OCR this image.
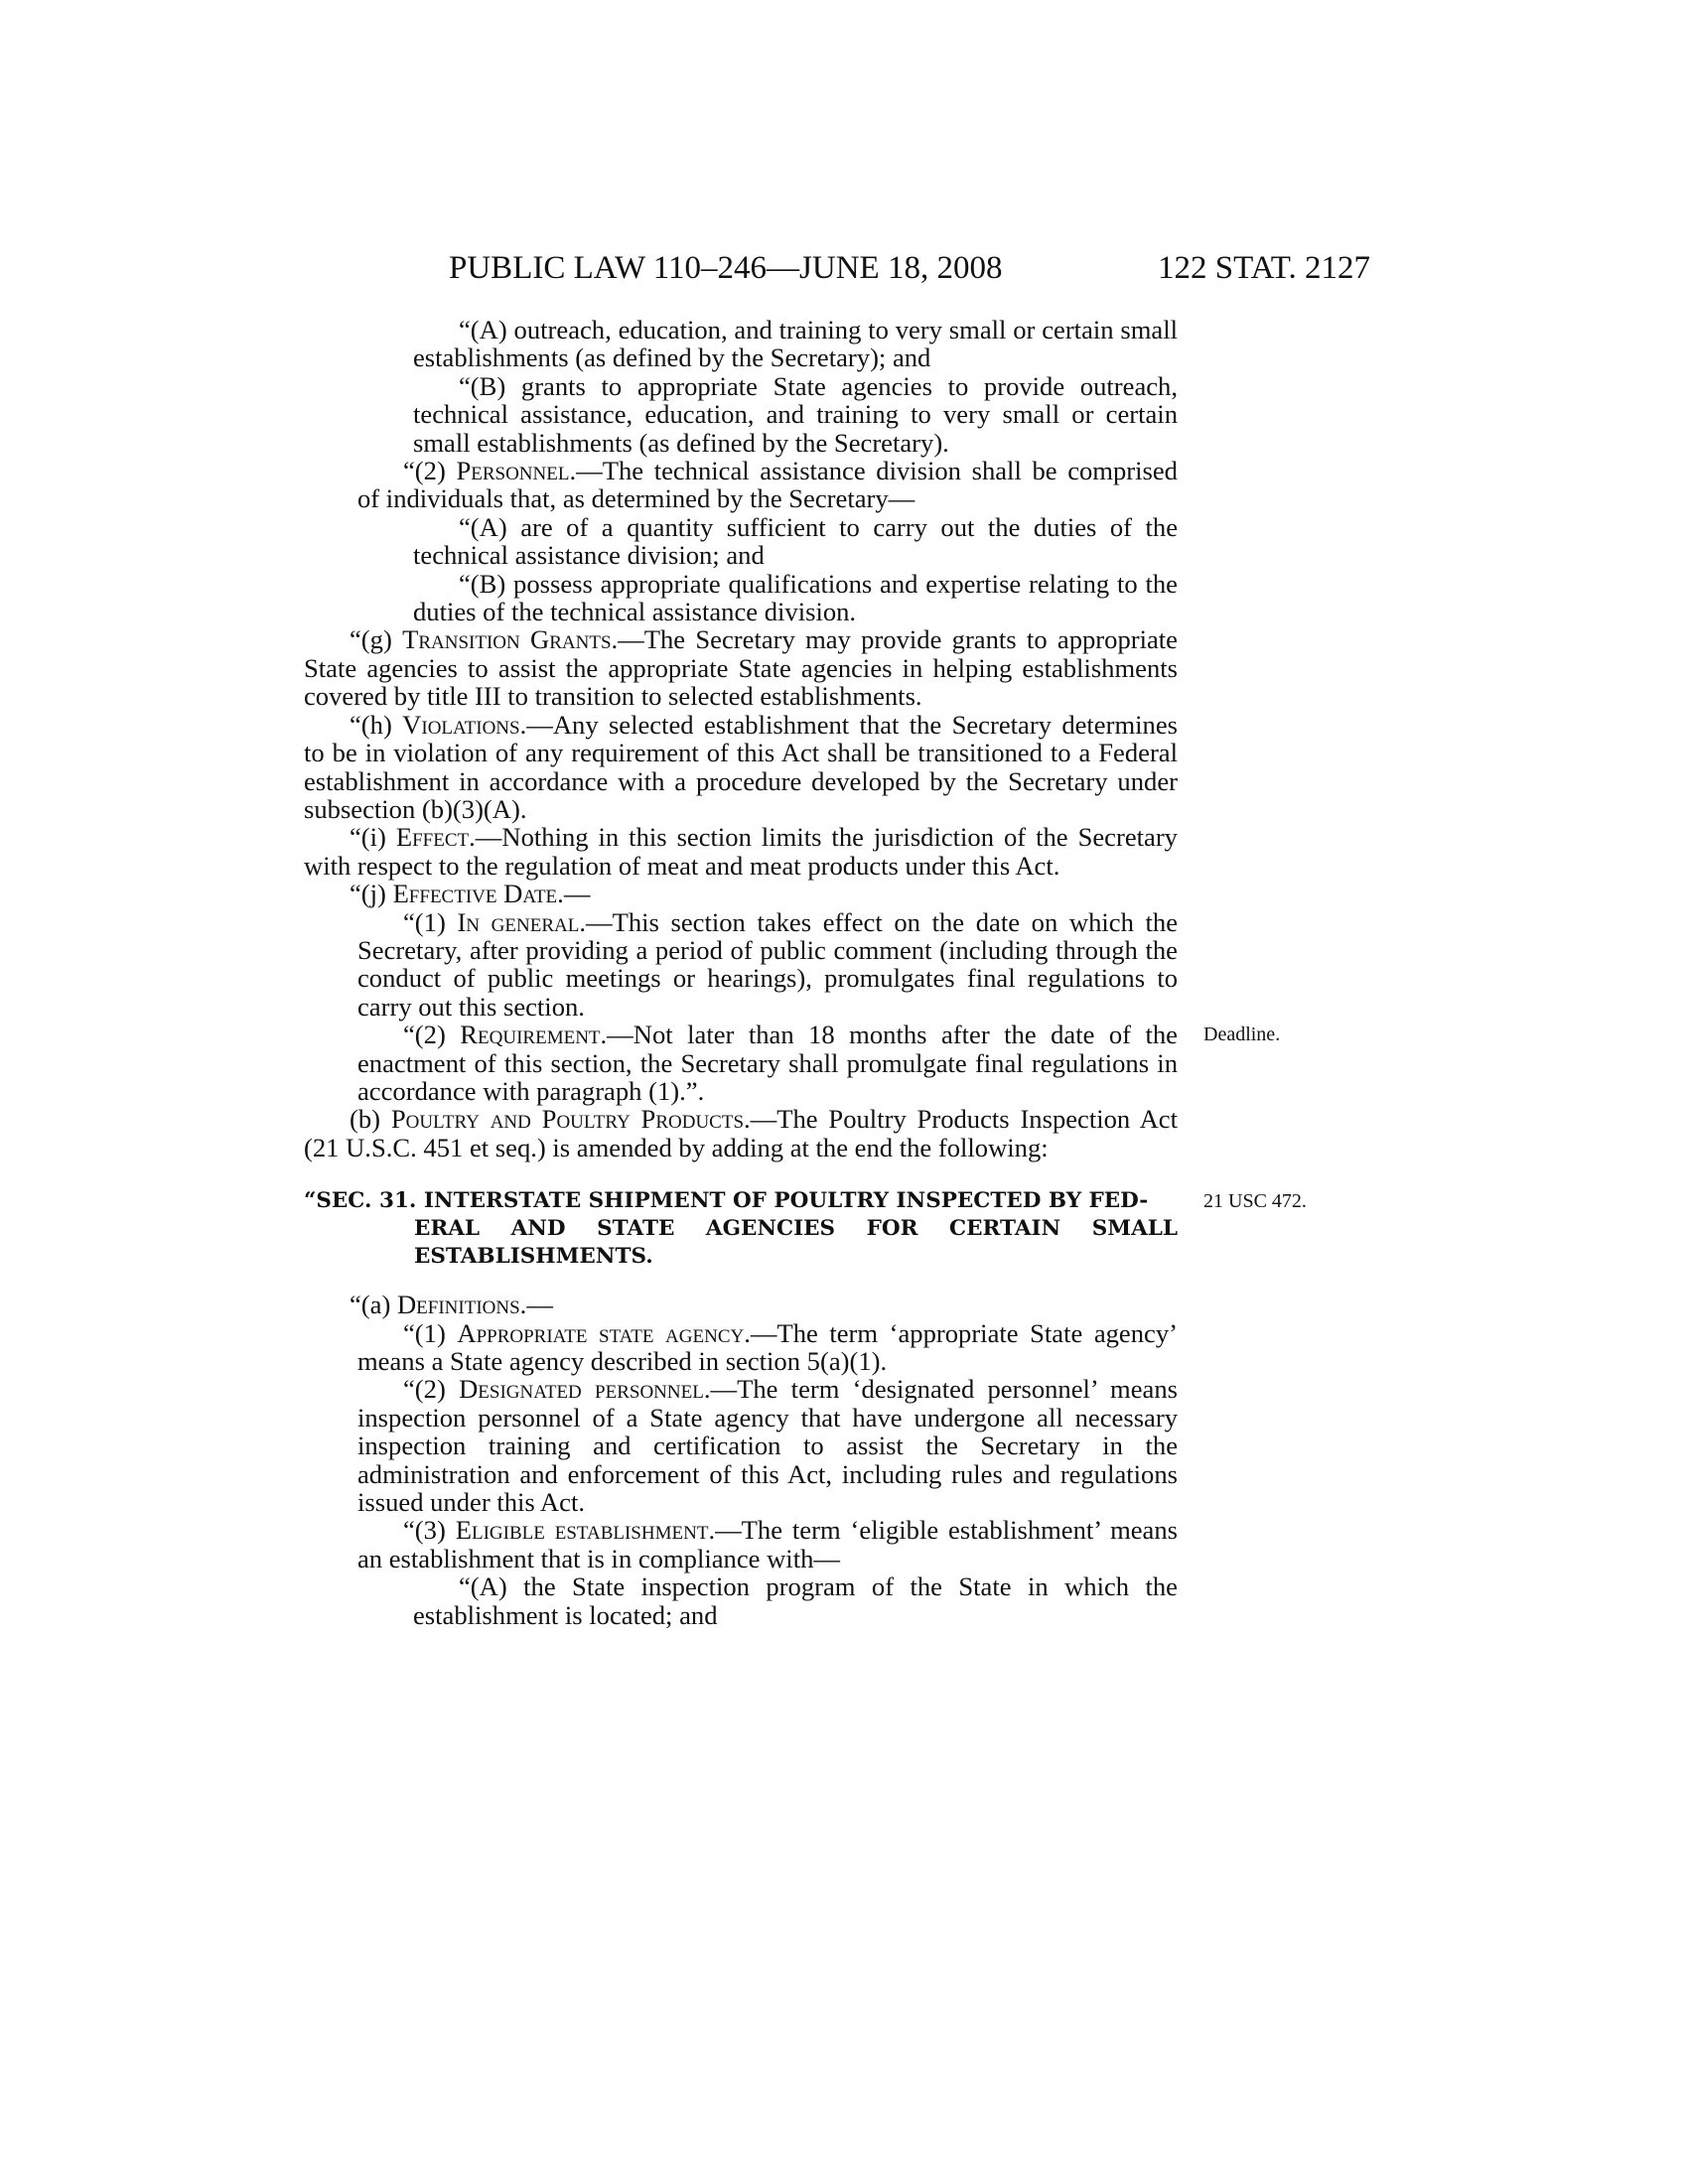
PUBLIC LAW 110–246—JUNE 18, 2008	122 STAT. 2127

“(A) outreach, education, and training to very small or certain small establishments (as defined by the Secretary); and

“(B) grants to appropriate State agencies to provide outreach, technical assistance, education, and training to very small or certain small establishments (as defined by the Secretary).

“(2) Personnel.—The technical assistance division shall be comprised of individuals that, as determined by the Secretary—

“(A) are of a quantity sufficient to carry out the duties of the technical assistance division; and

“(B) possess appropriate qualifications and expertise relating to the duties of the technical assistance division.

“(g) Transition Grants.—The Secretary may provide grants to appropriate State agencies to assist the appropriate State agencies in helping establishments covered by title III to transition to selected establishments.

“(h) Violations.—Any selected establishment that the Secretary determines to be in violation of any requirement of this Act shall be transitioned to a Federal establishment in accordance with a procedure developed by the Secretary under subsection (b)(3)(A).

“(i) Effect.—Nothing in this section limits the jurisdiction of the Secretary with respect to the regulation of meat and meat products under this Act.

“(j) Effective Date.—

“(1) In general.—This section takes effect on the date on which the Secretary, after providing a period of public comment (including through the conduct of public meetings or hearings), promulgates final regulations to carry out this section.

Deadline.

“(2) Requirement.—Not later than 18 months after the date of the enactment of this section, the Secretary shall promulgate final regulations in accordance with paragraph (1).”.

(b) Poultry and Poultry Products.—The Poultry Products Inspection Act (21 U.S.C. 451 et seq.) is amended by adding at the end the following:

21 USC 472.
“SEC. 31. INTERSTATE SHIPMENT OF POULTRY INSPECTED BY FED-
ERAL AND STATE AGENCIES FOR CERTAIN SMALL ESTABLISHMENTS.

“(a) Definitions.—

“(1) Appropriate state agency.—The term ‘appropriate State agency’ means a State agency described in section 5(a)(1).

“(2) Designated personnel.—The term ‘designated personnel’ means inspection personnel of a State agency that have undergone all necessary inspection training and certification to assist the Secretary in the administration and enforcement of this Act, including rules and regulations issued under this Act.

“(3) Eligible establishment.—The term ‘eligible establishment’ means an establishment that is in compliance with—

“(A) the State inspection program of the State in which the establishment is located; and
